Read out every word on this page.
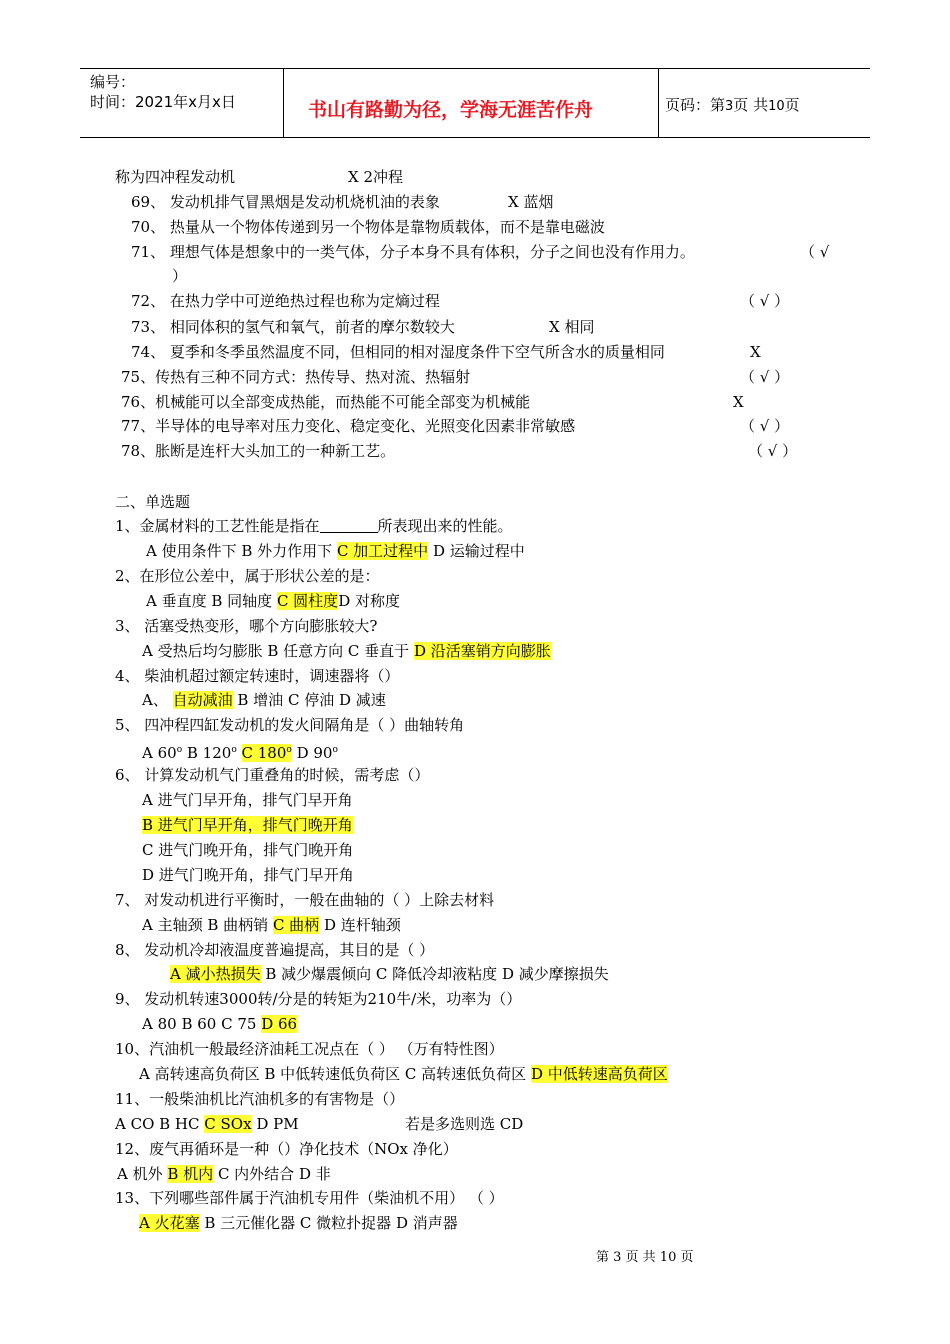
编号：
时间：2021年x月x日	书山有路勤为径，学海无涯苦作舟	页码：第3页 共10页
称为四冲程发动机	X 2冲程
69、 发动机排气冒黑烟是发动机烧机油的表象	X 蓝烟
70、 热量从一个物体传递到另一个物体是靠物质载体，而不是靠电磁波
71、 理想气体是想象中的一类气体，分子本身不具有体积，分子之间也没有作用力。	（ √
）
72、 在热力学中可逆绝热过程也称为定熵过程	（ √ ）
73、 相同体积的氢气和氧气，前者的摩尔数较大	X 相同
74、 夏季和冬季虽然温度不同，但相同的相对湿度条件下空气所含水的质量相同	X
75、传热有三种不同方式：热传导、热对流、热辐射	（ √ ）
76、机械能可以全部变成热能，而热能不可能全部变为机械能	X
77、半导体的电导率对压力变化、稳定变化、光照变化因素非常敏感	（ √ ）
78、胀断是连杆大头加工的一种新工艺。	（ √ ）
二、单选题
1、金属材料的工艺性能是指在	所表现出来的性能。
A 使用条件下 B 外力作用下 C 加工过程中 D 运输过程中
2、在形位公差中，属于形状公差的是：
A 垂直度 B 同轴度 C 圆柱度D 对称度
3、 活塞受热变形，哪个方向膨胀较大?
A 受热后均匀膨胀 B 任意方向 C 垂直于 D 沿活塞销方向膨胀
4、 柴油机超过额定转速时，调速器将（）
A、 自动减油 B 增油 C 停油 D 减速
5、 四冲程四缸发动机的发火间隔角是（ ）曲轴转角
A 60$^o$ B 120$^o$ C 180$^o$ D 90$^o$
6、 计算发动机气门重叠角的时候，需考虑（）
A 进气门早开角，排气门早开角
B 进气门早开角，排气门晚开角
C 进气门晚开角，排气门晚开角
D 进气门晚开角，排气门早开角
7、 对发动机进行平衡时，一般在曲轴的（ ）上除去材料
A 主轴颈 B 曲柄销 C 曲柄 D 连杆轴颈
8、 发动机冷却液温度普遍提高，其目的是（ ）
A 减小热损失 B 减少爆震倾向 C 降低冷却液粘度 D 减少摩擦损失
9、 发动机转速3000转/分是的转矩为210牛/米，功率为（）
A 80 B 60 C 75 D 66
10、汽油机一般最经济油耗工况点在（ ） （万有特性图）
A 高转速高负荷区 B 中低转速低负荷区 C 高转速低负荷区 D 中低转速高负荷区
11、一般柴油机比汽油机多的有害物是（）
A CO B HC C SOx D PM	若是多选则选 CD
12、废气再循环是一种（）净化技术（NOx 净化）
A 机外 B 机内 C 内外结合 D 非
13、下列哪些部件属于汽油机专用件（柴油机不用） （ ）
A 火花塞 B 三元催化器 C 微粒扑捉器 D 消声器
第 3 页 共 10 页
